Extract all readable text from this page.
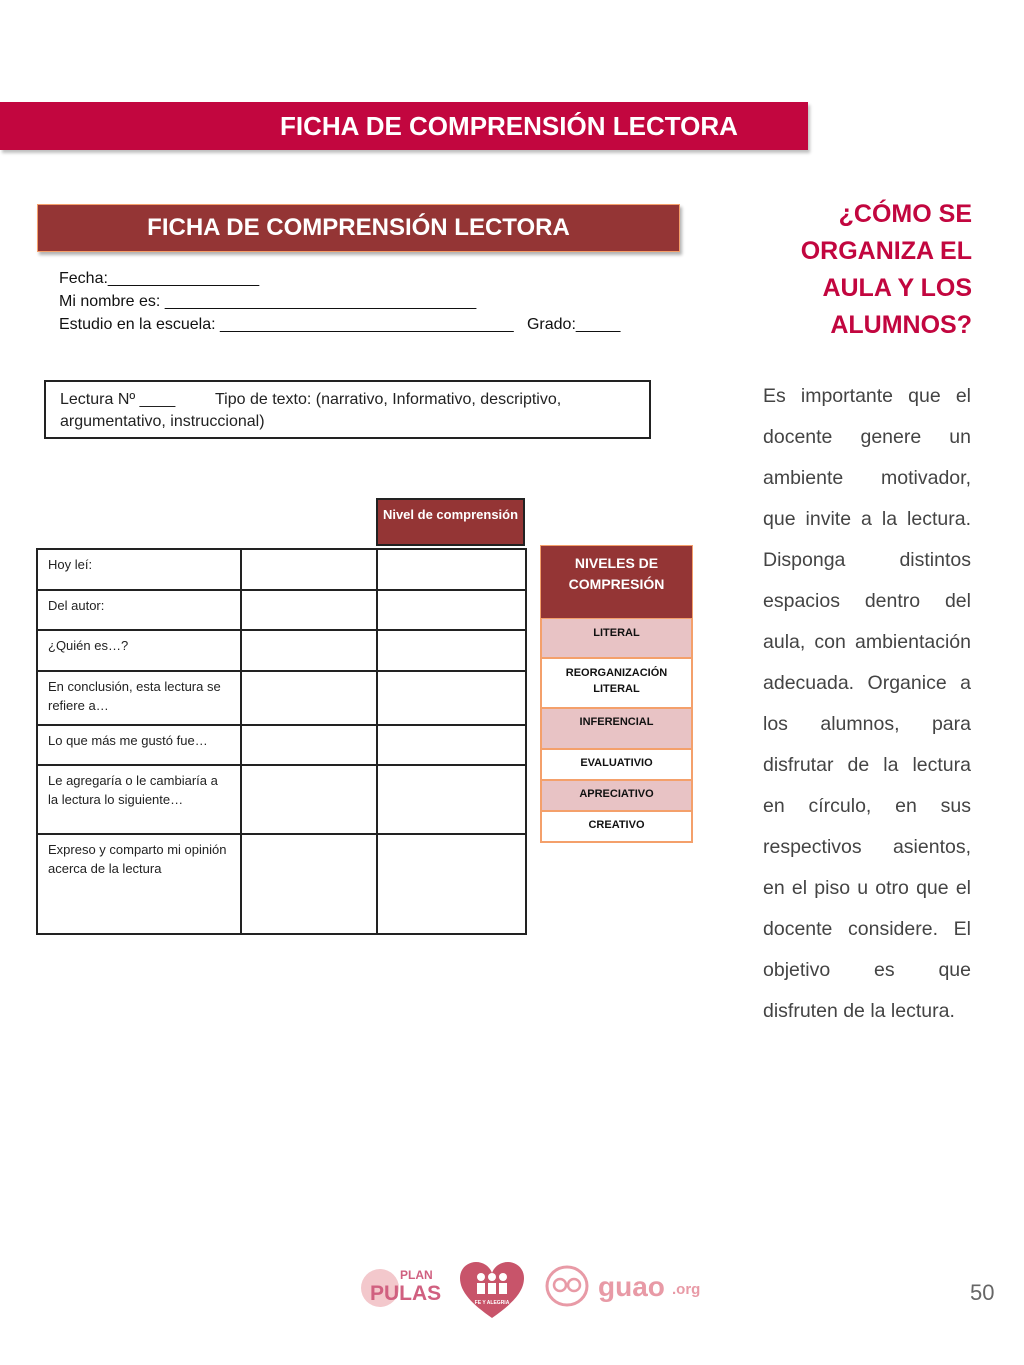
FICHA DE COMPRENSIÓN LECTORA
FICHA DE COMPRENSIÓN LECTORA
Fecha:_________________
Mi nombre es: ___________________________________
Estudio en la escuela: _________________________________   Grado:_____
Lectura Nº ____ Tipo de texto: (narrativo, Informativo, descriptivo,
argumentativo, instruccional)
Nivel de comprensión
Hoy leí:		
Del autor:		
¿Quién es…?		
En conclusión, esta lectura se refiere a…		
Lo que más me gustó fue…		
Le agregaría o le cambiaría a la lectura lo siguiente…		
Expreso y comparto mi opinión acerca de la lectura		
NIVELES DE COMPRESIÓN
LITERAL
REORGANIZACIÓN LITERAL
INFERENCIAL
EVALUATIVIO
APRECIATIVO
CREATIVO
¿CÓMO SE ORGANIZA EL AULA Y LOS ALUMNOS?
Es importante que el docente genere un ambiente motivador, que invite a la lectura. Disponga distintos espacios dentro del aula, con ambientación adecuada. Organice a los alumnos, para disfrutar de la lectura en círculo, en sus respectivos asientos, en el piso u otro que el docente considere. El objetivo es que disfruten de la lectura.
PLAN
PULAS	FE Y ALEGRIA
guao .org	50
